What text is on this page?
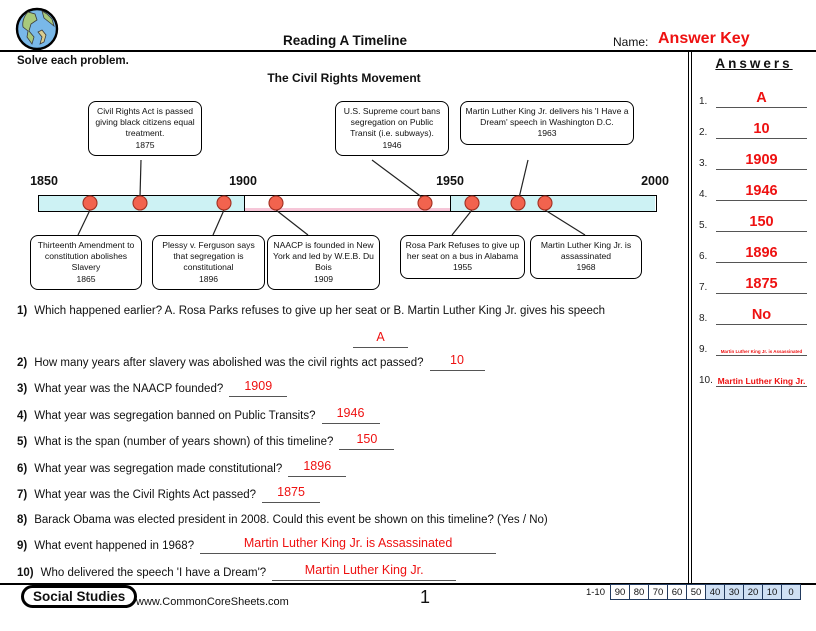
Reading A Timeline	Name: Answer Key
Solve each problem.
The Civil Rights Movement
1850	1900	1950	2000
Civil Rights Act is passed giving black citizens equal treatment.
1875
U.S. Supreme court bans segregation on Public Transit (i.e. subways).
1946
Martin Luther King Jr. delivers his 'I Have a Dream' speech in Washington D.C.
1963
Thirteenth Amendment to constitution abolishes Slavery
1865
Plessy v. Ferguson says that segregation is constitutional
1896
NAACP is founded in New York and led by W.E.B. Du Bois
1909
Rosa Park Refuses to give up her seat on a bus in Alabama
1955
Martin Luther King Jr. is assassinated
1968
1) Which happened earlier? A. Rosa Parks refuses to give up her seat or B. Martin Luther King Jr. gives his speech
A
2) How many years after slavery was abolished was the civil rights act passed? 10
3) What year was the NAACP founded? 1909
4) What year was segregation banned on Public Transits? 1946
5) What is the span (number of years shown) of this timeline? 150
6) What year was segregation made constitutional? 1896
7) What year was the Civil Rights Act passed? 1875
8) Barack Obama was elected president in 2008. Could this event be shown on this timeline? (Yes / No)
9) What event happened in 1968?	Martin Luther King Jr. is Assassinated
10) Who delivered the speech 'I have a Dream'?	Martin Luther King Jr.
Answers
1.	A
2.	10
3.	1909
4.	1946
5.	150
6.	1896
7.	1875
8.	No
9.	Martin Luther King Jr. is Assassinated
10. Martin Luther King Jr.
Social Studies www.CommonCoreSheets.com	1	1-10	90 80 70 60 50 40 30 20 10	0
